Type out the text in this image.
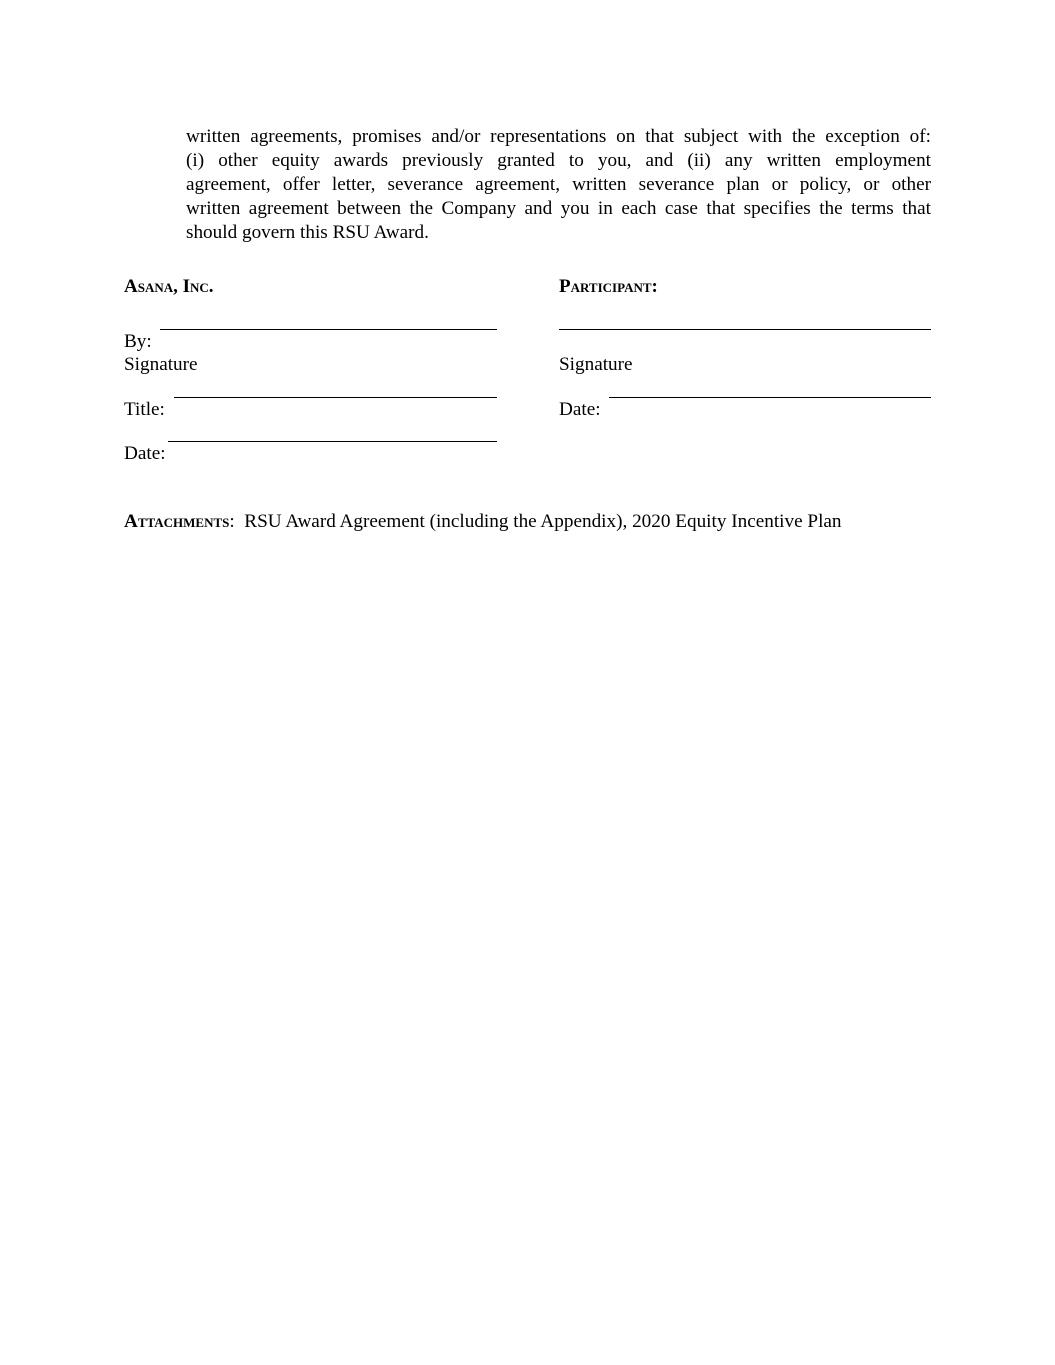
written agreements, promises and/or representations on that subject with the exception of:
(i) other equity awards previously granted to you, and (ii) any written employment
agreement, offer letter, severance agreement, written severance plan or policy, or other
written agreement between the Company and you in each case that specifies the terms that
should govern this RSU Award.
Asana, Inc.
By:
Signature
Title:
Date:
Participant:
Signature
Date:
Attachments: RSU Award Agreement (including the Appendix), 2020 Equity Incentive Plan
